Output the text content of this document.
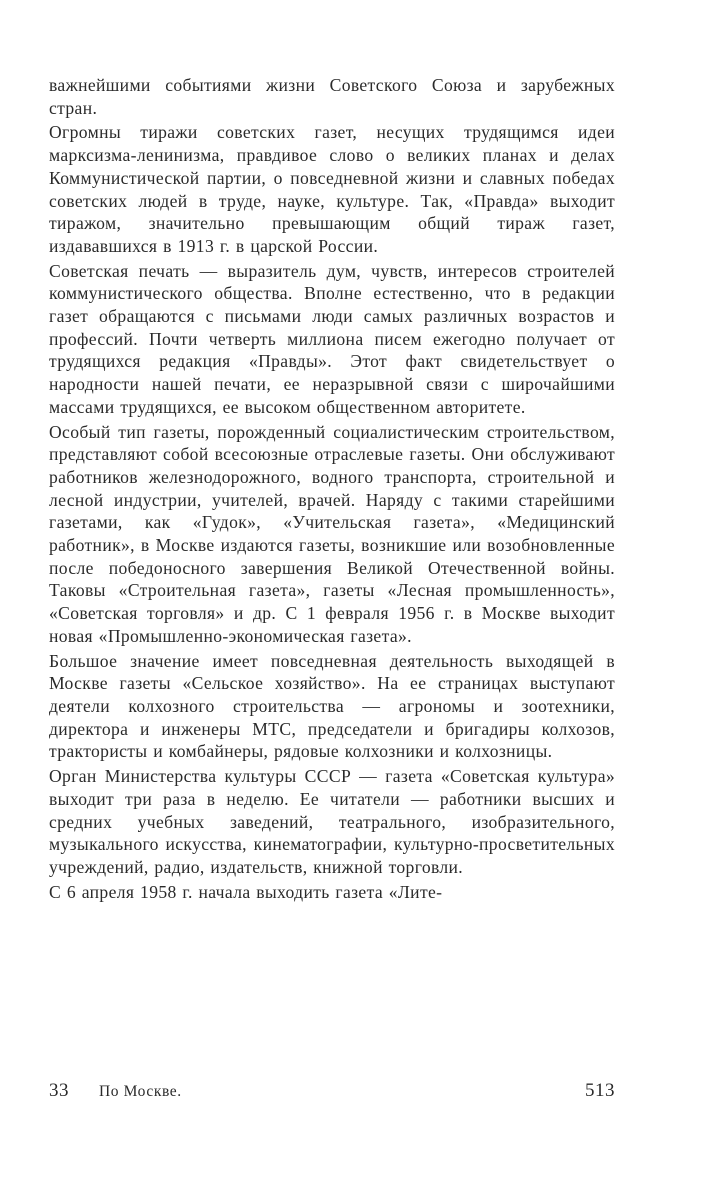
важнейшими событиями жизни Советского Союза и зарубежных стран.

Огромны тиражи советских газет, несущих трудящимся идеи марксизма-ленинизма, правдивое слово о великих планах и делах Коммунистической партии, о повседневной жизни и славных победах советских людей в труде, науке, культуре. Так, «Правда» выходит тиражом, значительно превышающим общий тираж газет, издававшихся в 1913 г. в царской России.

Советская печать — выразитель дум, чувств, интересов строителей коммунистического общества. Вполне естественно, что в редакции газет обращаются с письмами люди самых различных возрастов и профессий. Почти четверть миллиона писем ежегодно получает от трудящихся редакция «Правды». Этот факт свидетельствует о народности нашей печати, ее неразрывной связи с широчайшими массами трудящихся, ее высоком общественном авторитете.

Особый тип газеты, порожденный социалистическим строительством, представляют собой всесоюзные отраслевые газеты. Они обслуживают работников железнодорожного, водного транспорта, строительной и лесной индустрии, учителей, врачей. Наряду с такими старейшими газетами, как «Гудок», «Учительская газета», «Медицинский работник», в Москве издаются газеты, возникшие или возобновленные после победоносного завершения Великой Отечественной войны. Таковы «Строительная газета», газеты «Лесная промышленность», «Советская торговля» и др. С 1 февраля 1956 г. в Москве выходит новая «Промышленно-экономическая газета».

Большое значение имеет повседневная деятельность выходящей в Москве газеты «Сельское хозяйство». На ее страницах выступают деятели колхозного строительства — агрономы и зоотехники, директора и инженеры МТС, председатели и бригадиры колхозов, трактористы и комбайнеры, рядовые колхозники и колхозницы.

Орган Министерства культуры СССР — газета «Советская культура» выходит три раза в неделю. Ее читатели — работники высших и средних учебных заведений, театрального, изобразительного, музыкального искусства, кинематографии, культурно-просветительных учреждений, радио, издательств, книжной торговли.

С 6 апреля 1958 г. начала выходить газета «Лите-

33 По Москве.	513
